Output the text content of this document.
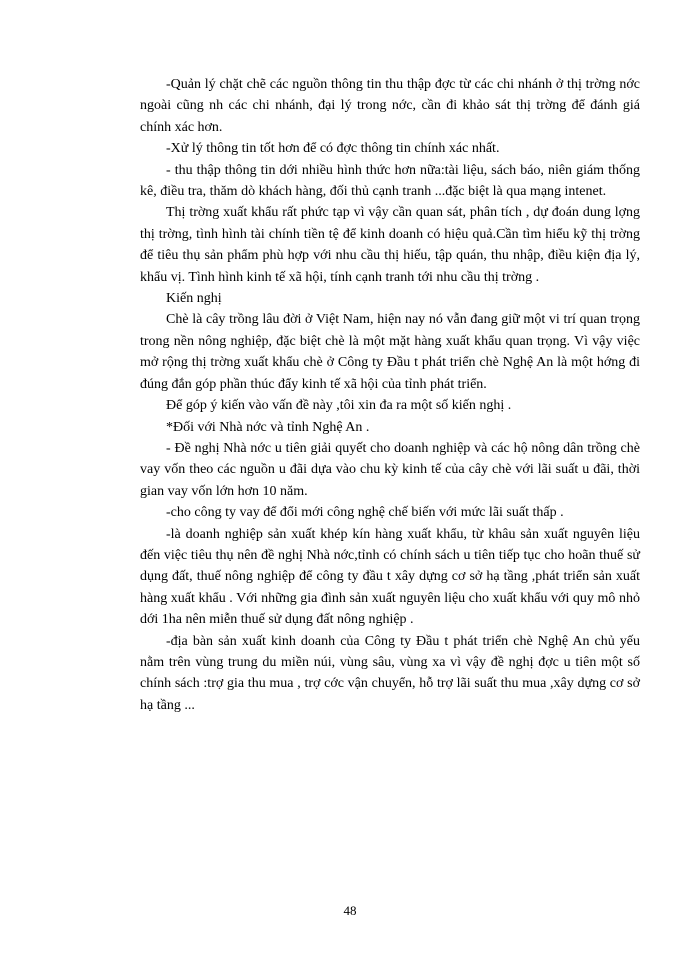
-Quản lý chặt chẽ các nguồn thông tin thu thập đợc từ các chi nhánh ở thị trờng nớc ngoài cũng nh các chi nhánh, đại lý trong nớc, cần đi khảo sát thị trờng để đánh giá chính xác hơn.

-Xử lý thông tin tốt hơn để có đợc thông tin chính xác nhất.

- thu thập thông tin dới nhiều hình thức hơn nữa:tài liệu, sách báo, niên giám thống kê, điều tra, thăm dò khách hàng, đối thủ cạnh tranh ...đặc biệt là qua mạng intenet.

Thị trờng xuất khẩu rất phức tạp vì vậy cần quan sát, phân tích , dự đoán dung lợng thị trờng, tình hình tài chính tiền tệ để kinh doanh có hiệu quả.Cần tìm hiểu kỹ thị trờng để tiêu thụ sản phẩm phù hợp với nhu cầu thị hiếu, tập quán, thu nhập, điều kiện địa lý, khẩu vị. Tình hình kinh tế xã hội, tính cạnh tranh tới nhu cầu thị trờng .

Kiến nghị

Chè là cây trồng lâu đời ở Việt Nam, hiện nay nó vẫn đang giữ một vi trí quan trọng trong nền nông nghiệp, đặc biệt chè là một mặt hàng xuất khẩu quan trọng. Vì vậy việc mở rộng thị trờng xuất khẩu chè ở Công ty Đầu t phát triển chè Nghệ An là một hớng đi đúng đắn góp phần thúc đẩy kinh tế xã hội của tỉnh phát triển.

Để góp ý kiến vào vấn đề này ,tôi xin đa ra một số kiến nghị .

*Đối với Nhà nớc và tỉnh Nghệ An .

- Đề nghị Nhà nớc u tiên giải quyết cho doanh nghiệp và các hộ nông dân trồng chè vay vốn theo các nguồn u đãi dựa vào chu kỳ kinh tế của cây chè với lãi suất u đãi, thời gian vay vốn lớn hơn 10 năm.

-cho công ty vay để đổi mới công nghệ chế biến với mức lãi suất thấp .

-là doanh nghiệp sản xuất khép kín hàng xuất khẩu, từ khâu sản xuất nguyên liệu đến việc tiêu thụ nên đề nghị Nhà nớc,tỉnh có chính sách u tiên tiếp tục cho hoãn thuế sử dụng đất, thuế nông nghiệp để công ty đầu t xây dựng cơ sở hạ tầng ,phát triển sản xuất hàng xuất khẩu . Với những gia đình sản xuất nguyên liệu cho xuất khẩu với quy mô nhỏ dới 1ha nên miễn thuế sử dụng đất nông nghiệp .

-địa bàn sản xuất kinh doanh của Công ty Đầu t phát triển chè Nghệ An chủ yếu nằm trên vùng trung du miền núi, vùng sâu, vùng xa vì vậy đề nghị đợc u tiên một số chính sách :trợ gia thu mua , trợ cớc vận chuyển, hỗ trợ lãi suất thu mua ,xây dựng cơ sở hạ tầng ...

48
